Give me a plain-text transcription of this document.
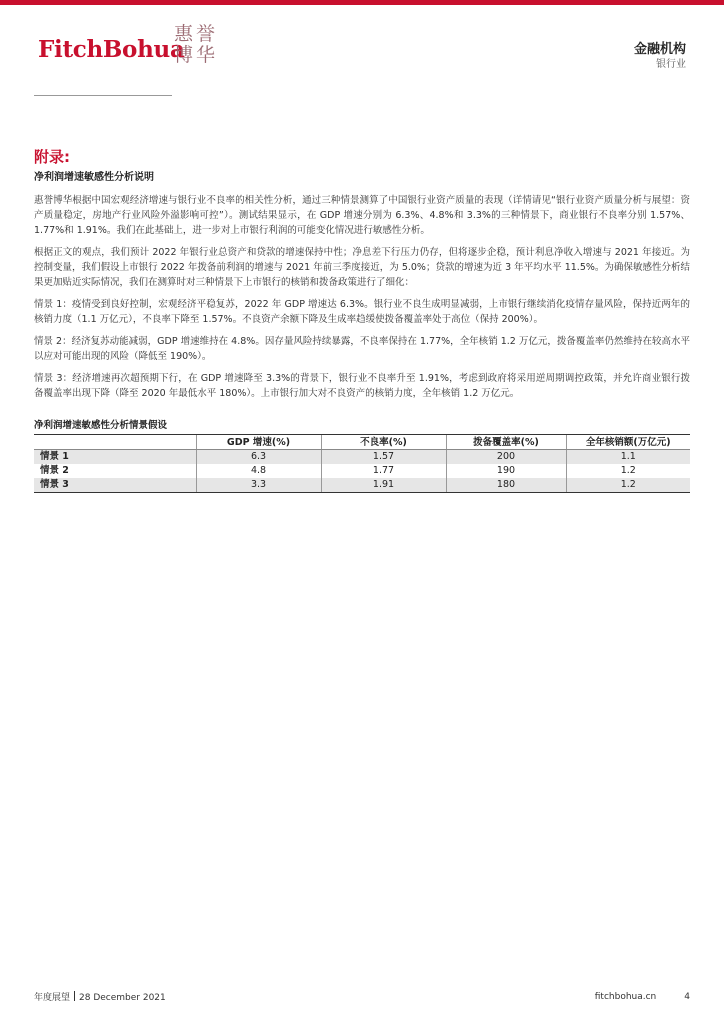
FitchBohua
惠誉博华	金融机构
银行业
附录:
净利润增速敏感性分析说明

惠誉博华根据中国宏观经济增速与银行业不良率的相关性分析，通过三种情景测算了中国银行业资产质量的表现（详情请见“银行业资产质量分析与展望：资产质量稳定，房地产行业风险外溢影响可控”）。测试结果显示，在 GDP 增速分别为 6.3%、4.8%和 3.3%的三种情景下，商业银行不良率分别 1.57%、1.77%和 1.91%。我们在此基础上，进一步对上市银行利润的可能变化情况进行敏感性分析。

根据正文的观点，我们预计 2022 年银行业总资产和贷款的增速保持中性；净息差下行压力仍存，但将逐步企稳，预计利息净收入增速与 2021 年接近。为控制变量，我们假设上市银行 2022 年拨备前利润的增速与 2021 年前三季度接近，为 5.0%；贷款的增速为近 3 年平均水平 11.5%。为确保敏感性分析结果更加贴近实际情况，我们在测算时对三种情景下上市银行的核销和拨备政策进行了细化：

情景 1：疫情受到良好控制，宏观经济平稳复苏，2022 年 GDP 增速达 6.3%。银行业不良生成明显减弱，上市银行继续消化疫情存量风险，保持近两年的核销力度（1.1 万亿元），不良率下降至 1.57%。不良资产余额下降及生成率趋缓使拨备覆盖率处于高位（保持 200%）。

情景 2：经济复苏动能减弱，GDP 增速维持在 4.8%。因存量风险持续暴露，不良率保持在 1.77%，全年核销 1.2 万亿元，拨备覆盖率仍然维持在较高水平以应对可能出现的风险（降低至 190%）。

情景 3：经济增速再次超预期下行，在 GDP 增速降至 3.3%的背景下，银行业不良率升至 1.91%，考虑到政府将采用逆周期调控政策，并允许商业银行拨备覆盖率出现下降（降至 2020 年最低水平 180%）。上市银行加大对不良资产的核销力度，全年核销 1.2 万亿元。

净利润增速敏感性分析情景假设
	GDP 增速(%)	不良率(%)	拨备覆盖率(%)	全年核销额(万亿元)
情景 1	6.3	1.57	200	1.1
情景 2	4.8	1.77	190	1.2
情景 3	3.3	1.91	180	1.2
年度展望 28 December 2021	fitchbohua.cn	4
